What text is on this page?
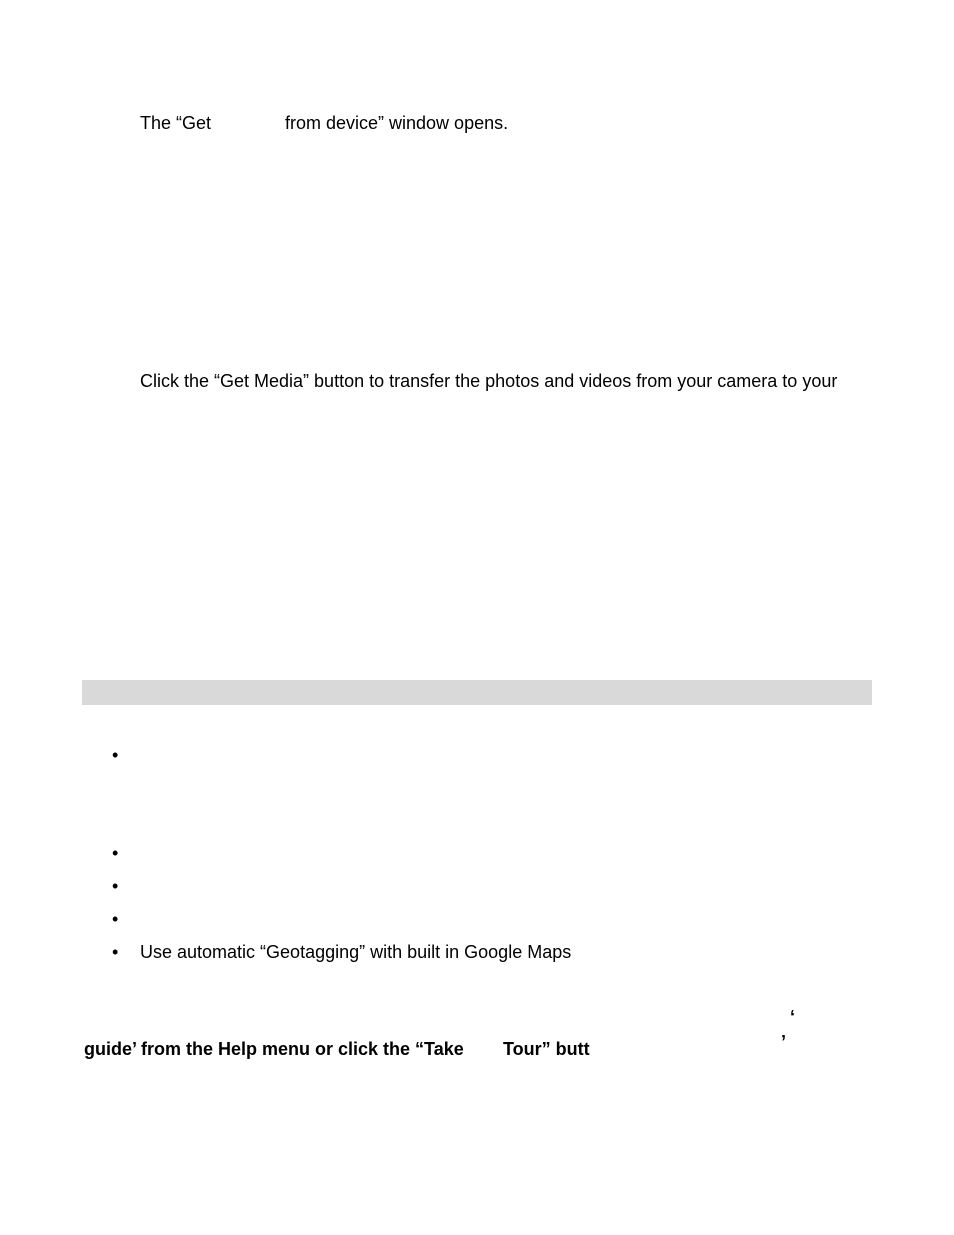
The “Get	from device” window opens.
Click the “Get Media” button to transfer the photos and videos from your camera to your
•
•
•
•
• Use automatic “Geotagging” with built in Google Maps
‘
guide’ from the Help menu or click the “Take Tour” butt	’
